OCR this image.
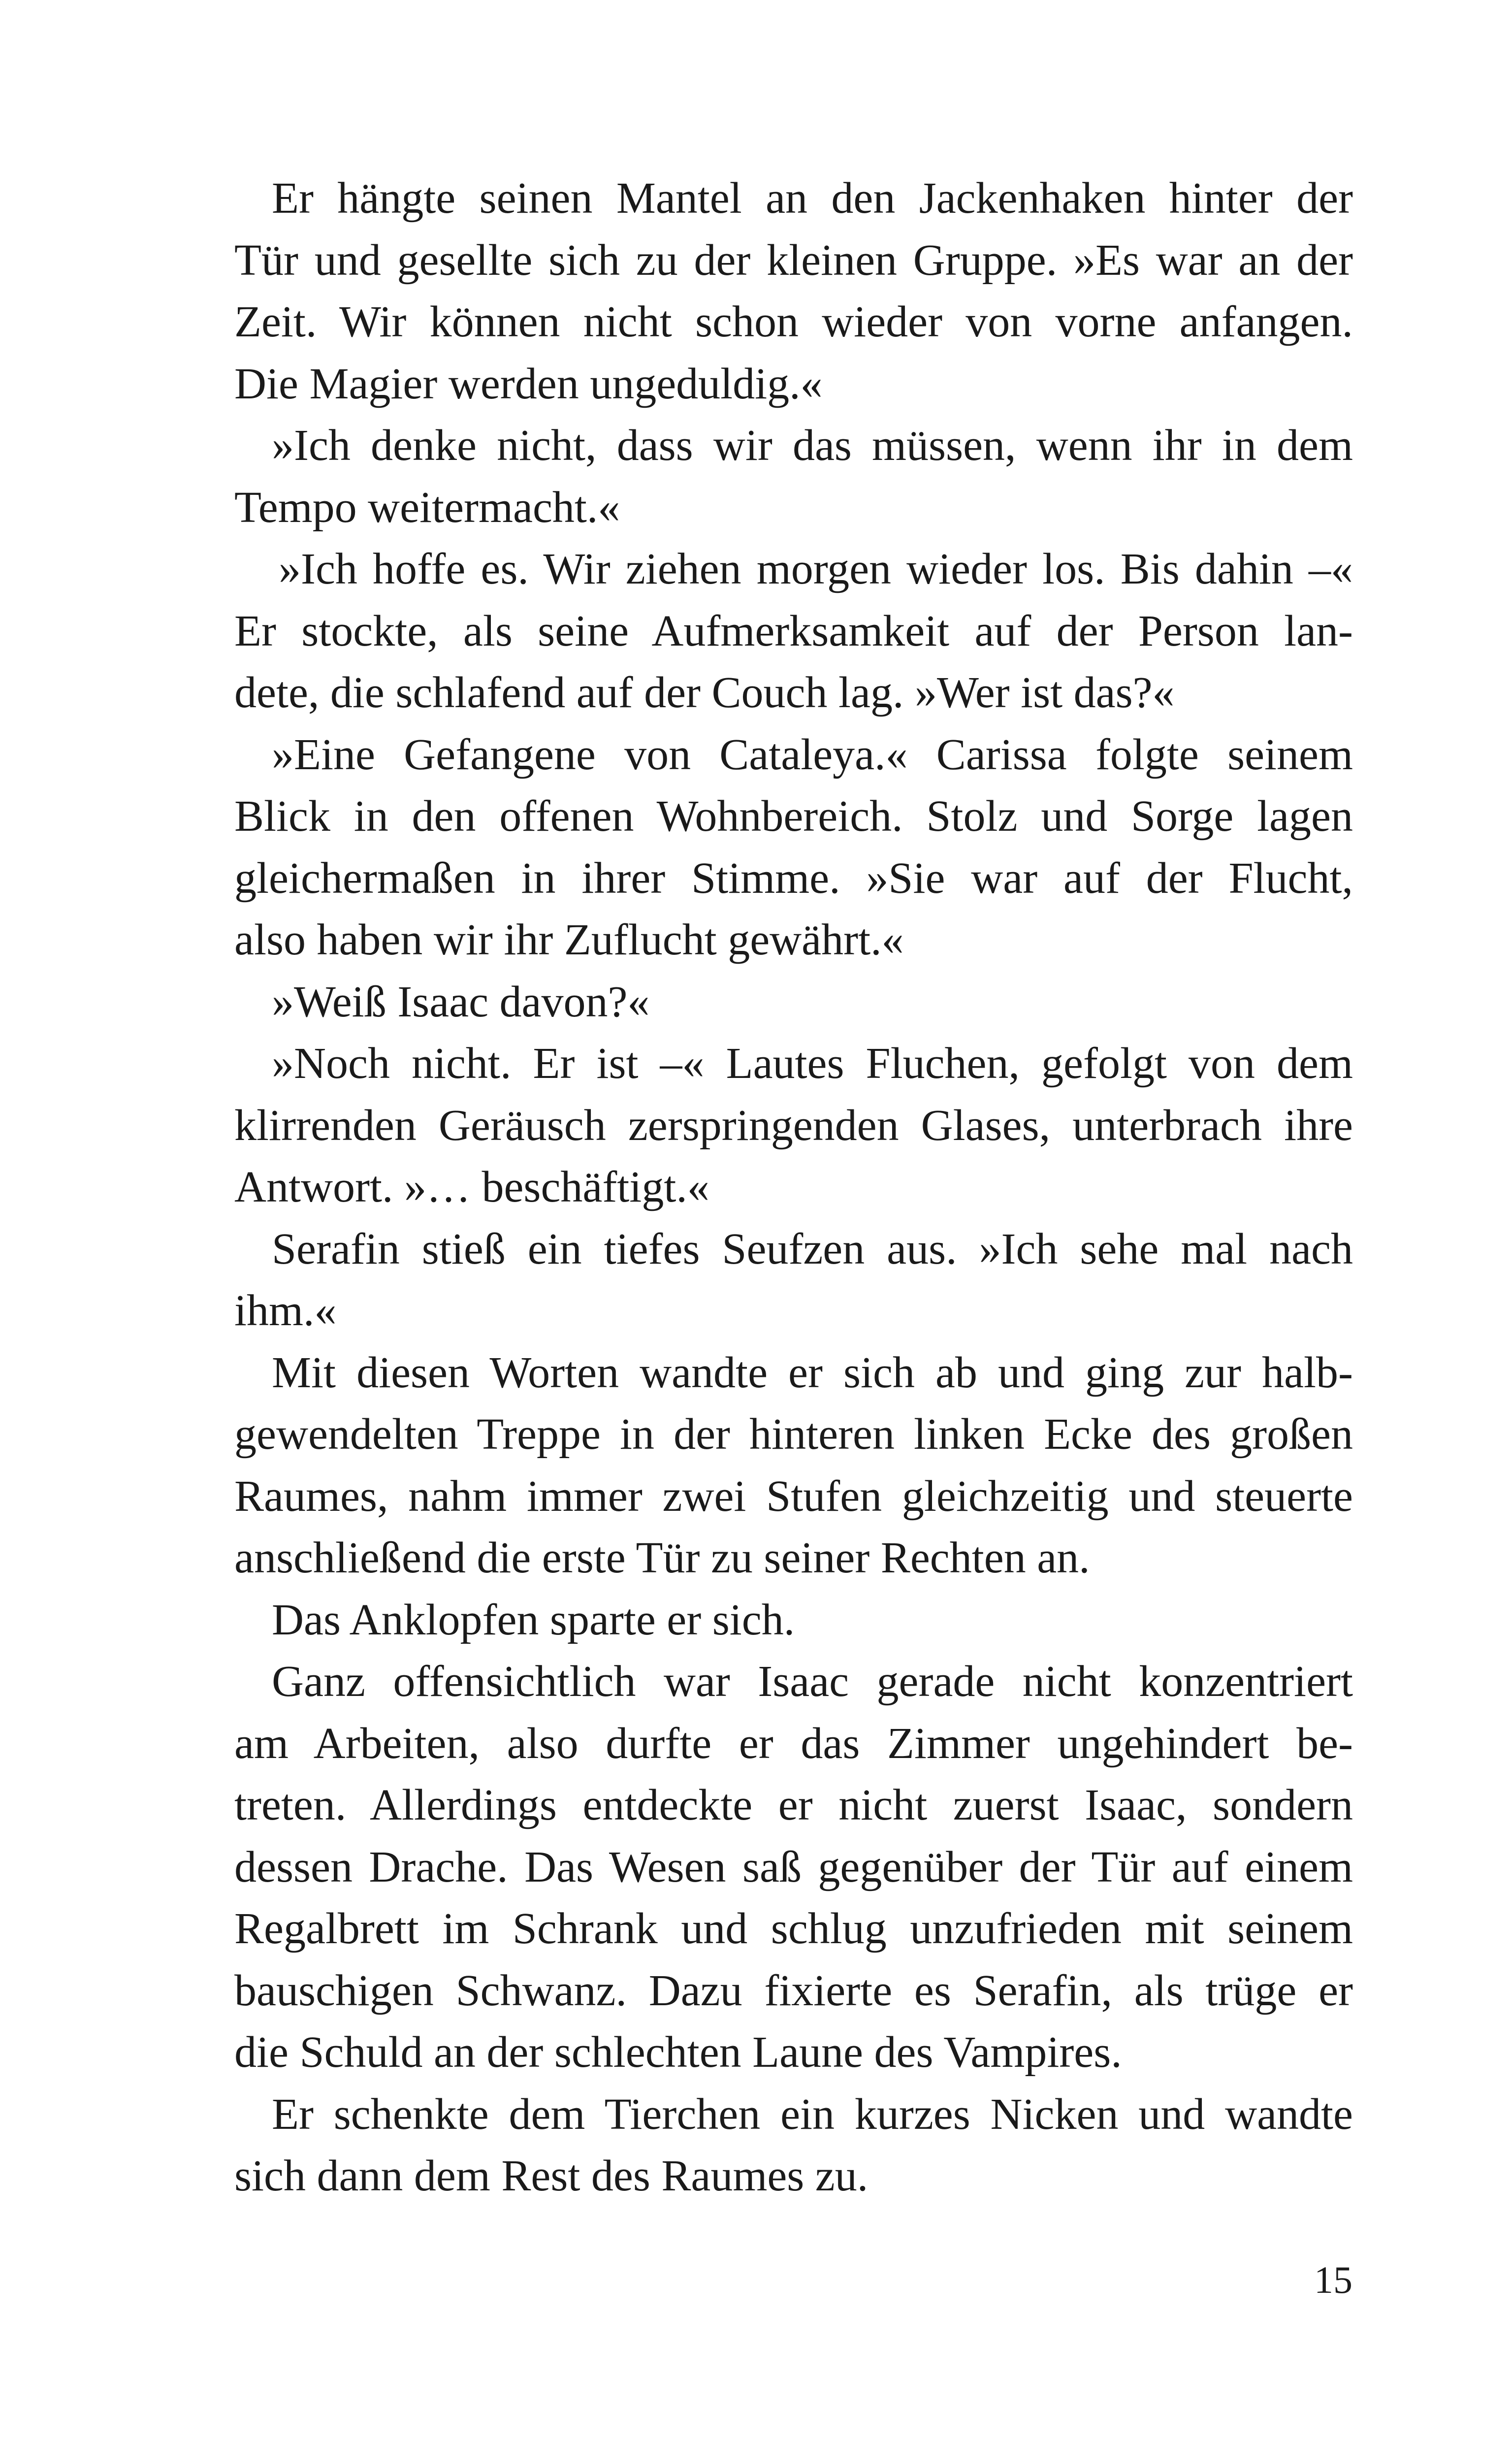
Er hängte seinen Mantel an den Jackenhaken hinter der
Tür und gesellte sich zu der kleinen Gruppe. »Es war an der
Zeit. Wir können nicht schon wieder von vorne anfangen.
Die Magier werden ungeduldig.«
»Ich denke nicht, dass wir das müssen, wenn ihr in dem
Tempo weitermacht.«
»Ich hoffe es. Wir ziehen morgen wieder los. Bis dahin –«
Er stockte, als seine Aufmerksamkeit auf der Person lan-
dete, die schlafend auf der Couch lag. »Wer ist das?«
»Eine Gefangene von Cataleya.« Carissa folgte seinem
Blick in den offenen Wohnbereich. Stolz und Sorge lagen
gleichermaßen in ihrer Stimme. »Sie war auf der Flucht,
also haben wir ihr Zuflucht gewährt.«
»Weiß Isaac davon?«
»Noch nicht. Er ist –« Lautes Fluchen, gefolgt von dem
klirrenden Geräusch zerspringenden Glases, unterbrach ihre
Antwort. »… beschäftigt.«
Serafin stieß ein tiefes Seufzen aus. »Ich sehe mal nach
ihm.«
Mit diesen Worten wandte er sich ab und ging zur halb-
gewendelten Treppe in der hinteren linken Ecke des großen
Raumes, nahm immer zwei Stufen gleichzeitig und steuerte
anschließend die erste Tür zu seiner Rechten an.
Das Anklopfen sparte er sich.
Ganz offensichtlich war Isaac gerade nicht konzentriert
am Arbeiten, also durfte er das Zimmer ungehindert be-
treten. Allerdings entdeckte er nicht zuerst Isaac, sondern
dessen Drache. Das Wesen saß gegenüber der Tür auf einem
Regalbrett im Schrank und schlug unzufrieden mit seinem
bauschigen Schwanz. Dazu fixierte es Serafin, als trüge er
die Schuld an der schlechten Laune des Vampires.
Er schenkte dem Tierchen ein kurzes Nicken und wandte
sich dann dem Rest des Raumes zu.
15
